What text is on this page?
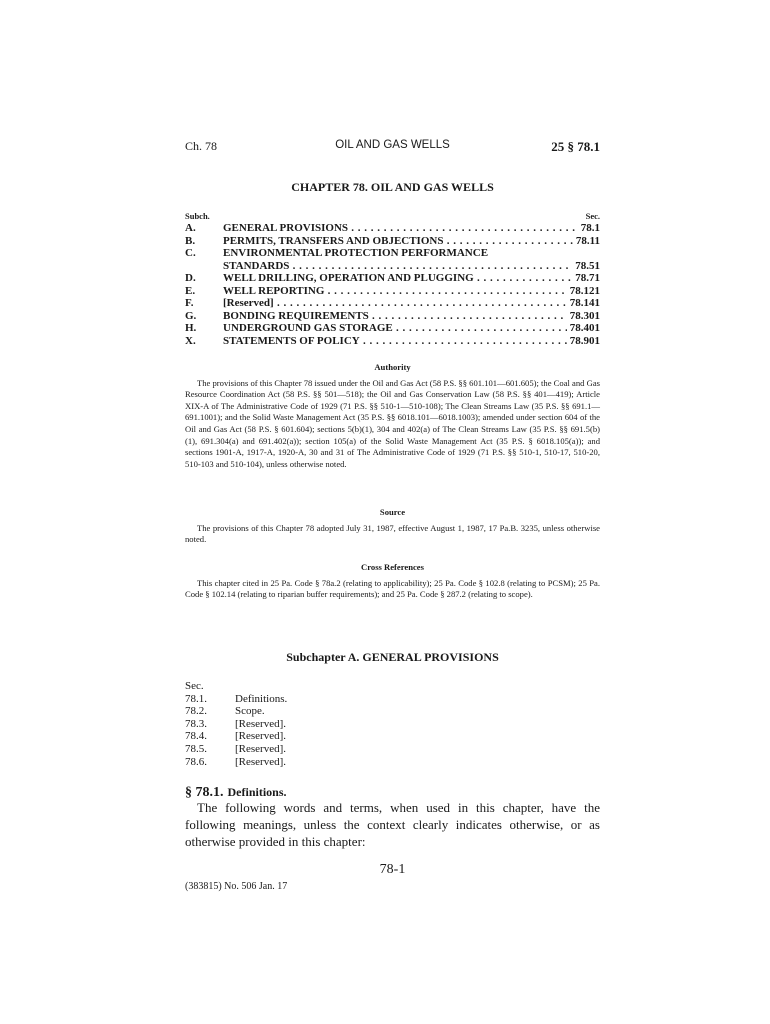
Ch. 78	OIL AND GAS WELLS	25 § 78.1
CHAPTER 78. OIL AND GAS WELLS
Subch.	Sec.
A. GENERAL PROVISIONS . . .	78.1
B.	PERMITS, TRANSFERS AND OBJECTIONS . . .	78.11
C. ENVIRONMENTAL PROTECTION PERFORMANCE
STANDARDS . . .	78.51
D. WELL DRILLING, OPERATION AND PLUGGING . . .	78.71
E.	WELL REPORTING . . .	78.121
F.	[Reserved] . . .	78.141
G. BONDING REQUIREMENTS . . .	78.301
H. UNDERGROUND GAS STORAGE . . .	78.401
X. STATEMENTS OF POLICY . . .	78.901
Authority
The provisions of this Chapter 78 issued under the Oil and Gas Act (58 P.S. §§ 601.101—601.605); the Coal and Gas Resource Coordination Act (58 P.S. §§ 501—518); the Oil and Gas Conservation Law (58 P.S. §§ 401—419); Article XIX-A of The Administrative Code of 1929 (71 P.S. §§ 510-1—510-108); The Clean Streams Law (35 P.S. §§ 691.1—691.1001); and the Solid Waste Management Act (35 P.S. §§ 6018.101—6018.1003); amended under section 604 of the Oil and Gas Act (58 P.S. § 601.604); sections 5(b)(1), 304 and 402(a) of The Clean Streams Law (35 P.S. §§ 691.5(b)(1), 691.304(a) and 691.402(a)); section 105(a) of the Solid Waste Management Act (35 P.S. § 6018.105(a)); and sections 1901-A, 1917-A, 1920-A, 30 and 31 of The Administrative Code of 1929 (71 P.S. §§ 510-1, 510-17, 510-20, 510-103 and 510-104), unless otherwise noted.
Source
The provisions of this Chapter 78 adopted July 31, 1987, effective August 1, 1987, 17 Pa.B. 3235, unless otherwise noted.
Cross References
This chapter cited in 25 Pa. Code § 78a.2 (relating to applicability); 25 Pa. Code § 102.8 (relating to PCSM); 25 Pa. Code § 102.14 (relating to riparian buffer requirements); and 25 Pa. Code § 287.2 (relating to scope).
Subchapter A. GENERAL PROVISIONS
Sec.
78.1.	Definitions.
78.2.	Scope.
78.3.	[Reserved].
78.4.	[Reserved].
78.5.	[Reserved].
78.6.	[Reserved].
§ 78.1. Definitions.
The following words and terms, when used in this chapter, have the following meanings, unless the context clearly indicates otherwise, or as otherwise provided in this chapter:
78-1
(383815) No. 506 Jan. 17
